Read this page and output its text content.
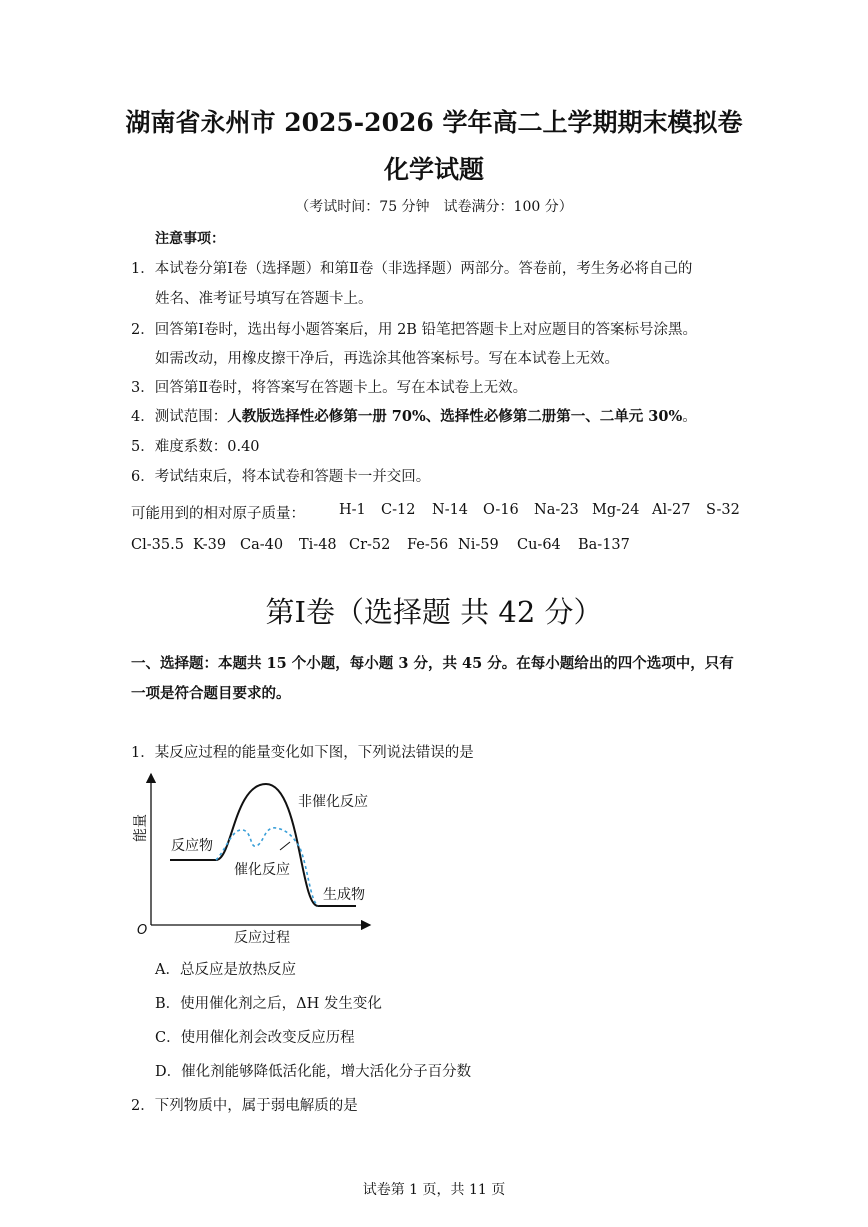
湖南省永州市 2025-2026 学年高二上学期期末模拟卷
化学试题
（考试时间：75 分钟　试卷满分：100 分）
注意事项：
1．本试卷分第Ⅰ卷（选择题）和第Ⅱ卷（非选择题）两部分。答卷前，考生务必将自己的
姓名、准考证号填写在答题卡上。
2．回答第Ⅰ卷时，选出每小题答案后，用 2B 铅笔把答题卡上对应题目的答案标号涂黑。
如需改动，用橡皮擦干净后，再选涂其他答案标号。写在本试卷上无效。
3．回答第Ⅱ卷时，将答案写在答题卡上。写在本试卷上无效。
4．测试范围：人教版选择性必修第一册 70%、选择性必修第二册第一、二单元 30%。
5．难度系数：0.40
6．考试结束后，将本试卷和答题卡一并交回。
可能用到的相对原子质量： H-1 C-12 N-14 O-16 Na-23 Mg-24 Al-27 S-32
Cl-35.5 K-39 Ca-40 Ti-48 Cr-52 Fe-56 Ni-59 Cu-64 Ba-137
第Ⅰ卷（选择题 共 42 分）
一、选择题：本题共 15 个小题，每小题 3 分，共 45 分。在每小题给出的四个选项中，只有
一项是符合题目要求的。
1．某反应过程的能量变化如下图，下列说法错误的是
能量
O	反应过程
非催化反应
反应物
催化反应
生成物
A．总反应是放热反应
B．使用催化剂之后，ΔH 发生变化
C．使用催化剂会改变反应历程
D．催化剂能够降低活化能，增大活化分子百分数
2．下列物质中，属于弱电解质的是
试卷第 1 页，共 11 页
